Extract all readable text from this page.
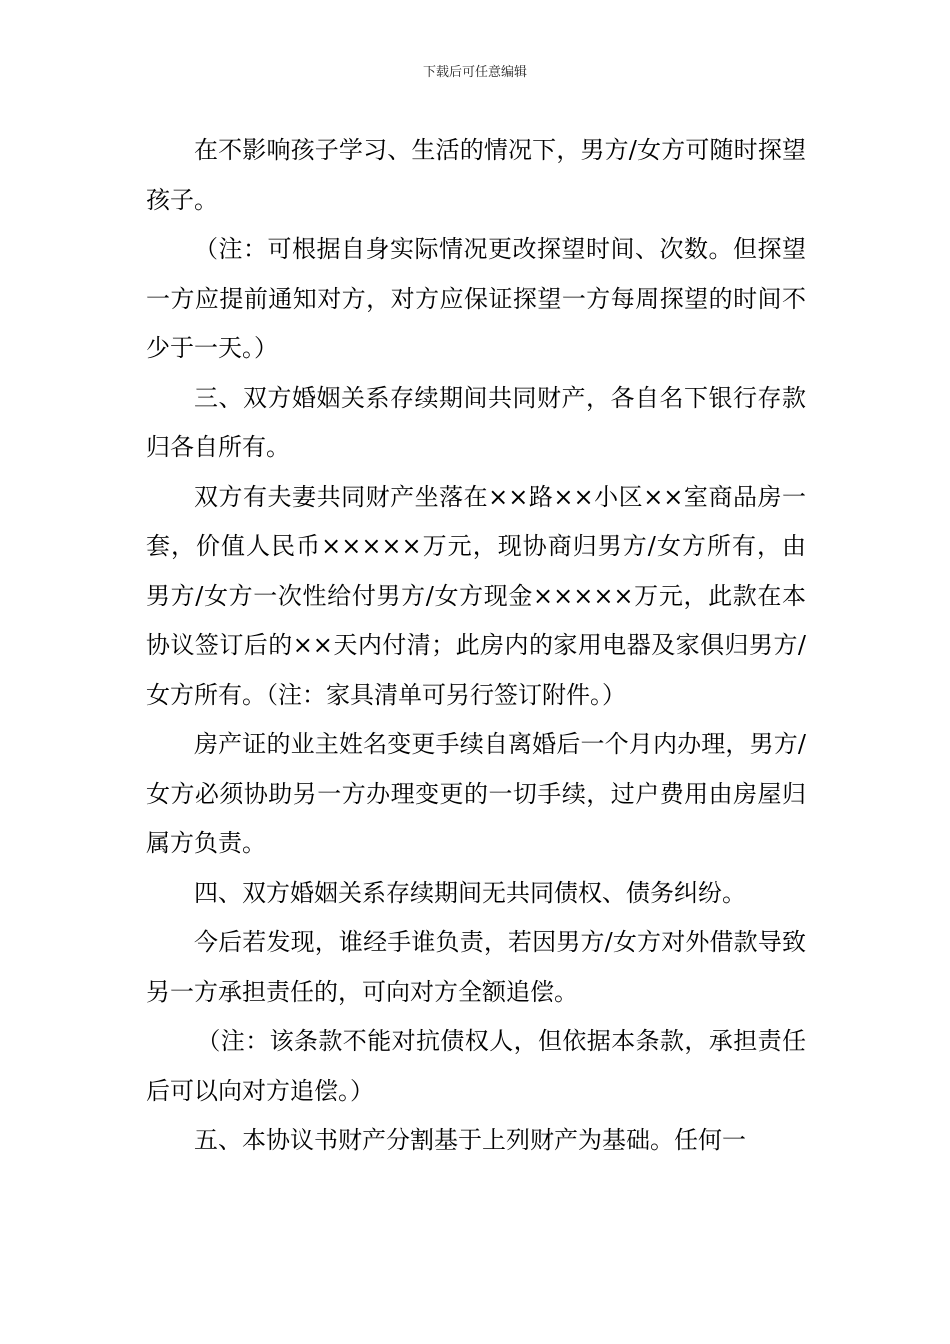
下载后可任意编辑

在不影响孩子学习、生活的情况下，男方/女方可随时探望孩子。

（注：可根据自身实际情况更改探望时间、次数。但探望一方应提前通知对方，对方应保证探望一方每周探望的时间不少于一天。）

三、双方婚姻关系存续期间共同财产，各自名下银行存款归各自所有。

双方有夫妻共同财产坐落在××路××小区××室商品房一套，价值人民币×××××万元，现协商归男方/女方所有，由男方/女方一次性给付男方/女方现金×××××万元，此款在本协议签订后的××天内付清；此房内的家用电器及家俱归男方/女方所有。（注：家具清单可另行签订附件。）

房产证的业主姓名变更手续自离婚后一个月内办理，男方/女方必须协助另一方办理变更的一切手续，过户费用由房屋归属方负责。

四、双方婚姻关系存续期间无共同债权、债务纠纷。

今后若发现，谁经手谁负责，若因男方/女方对外借款导致另一方承担责任的，可向对方全额追偿。

（注：该条款不能对抗债权人，但依据本条款，承担责任后可以向对方追偿。）

五、本协议书财产分割基于上列财产为基础。任何一
